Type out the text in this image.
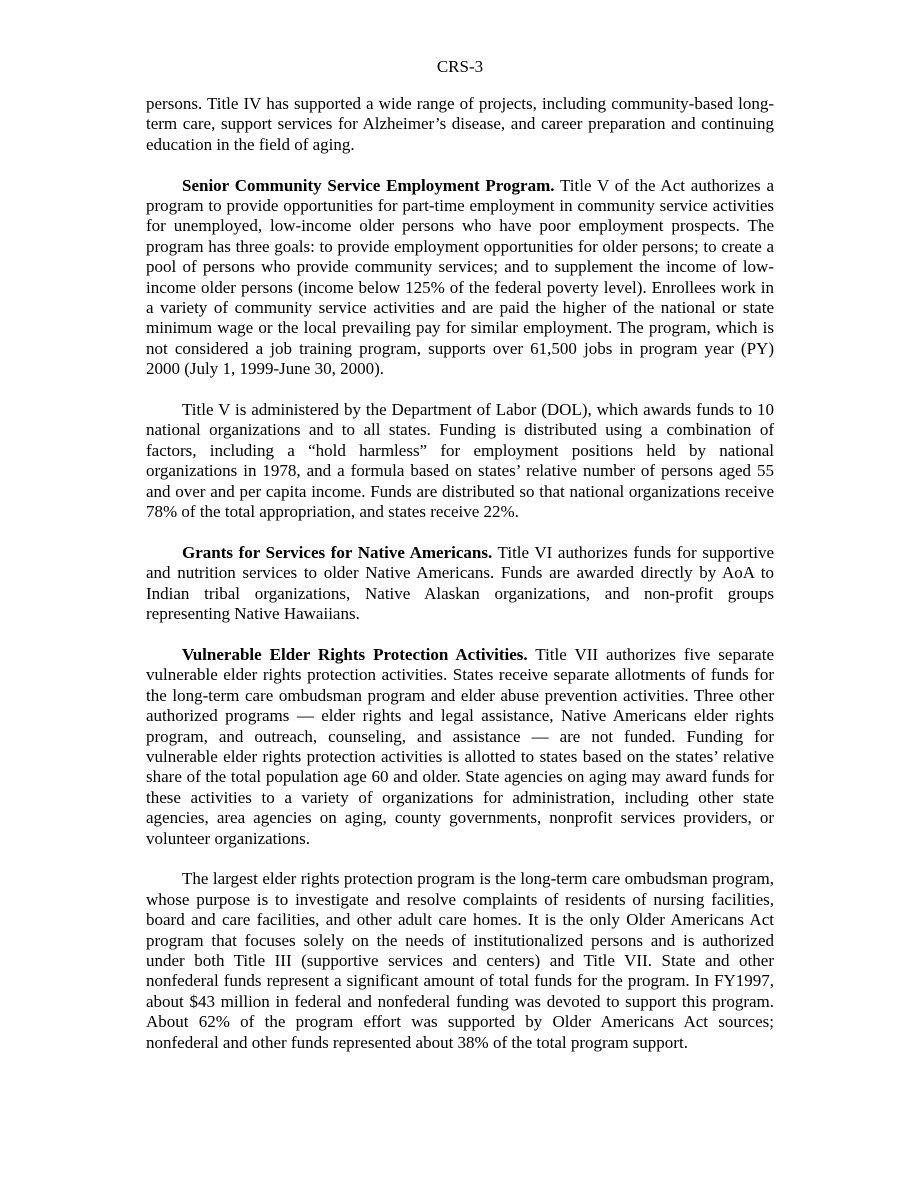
CRS-3

persons. Title IV has supported a wide range of projects, including community-based long-term care, support services for Alzheimer’s disease, and career preparation and continuing education in the field of aging.

Senior Community Service Employment Program. Title V of the Act authorizes a program to provide opportunities for part-time employment in community service activities for unemployed, low-income older persons who have poor employment prospects. The program has three goals: to provide employment opportunities for older persons; to create a pool of persons who provide community services; and to supplement the income of low-income older persons (income below 125% of the federal poverty level). Enrollees work in a variety of community service activities and are paid the higher of the national or state minimum wage or the local prevailing pay for similar employment. The program, which is not considered a job training program, supports over 61,500 jobs in program year (PY) 2000 (July 1, 1999-June 30, 2000).

Title V is administered by the Department of Labor (DOL), which awards funds to 10 national organizations and to all states. Funding is distributed using a combination of factors, including a “hold harmless” for employment positions held by national organizations in 1978, and a formula based on states’ relative number of persons aged 55 and over and per capita income. Funds are distributed so that national organizations receive 78% of the total appropriation, and states receive 22%.

Grants for Services for Native Americans. Title VI authorizes funds for supportive and nutrition services to older Native Americans. Funds are awarded directly by AoA to Indian tribal organizations, Native Alaskan organizations, and non-profit groups representing Native Hawaiians.

Vulnerable Elder Rights Protection Activities. Title VII authorizes five separate vulnerable elder rights protection activities. States receive separate allotments of funds for the long-term care ombudsman program and elder abuse prevention activities. Three other authorized programs — elder rights and legal assistance, Native Americans elder rights program, and outreach, counseling, and assistance — are not funded. Funding for vulnerable elder rights protection activities is allotted to states based on the states’ relative share of the total population age 60 and older. State agencies on aging may award funds for these activities to a variety of organizations for administration, including other state agencies, area agencies on aging, county governments, nonprofit services providers, or volunteer organizations.

The largest elder rights protection program is the long-term care ombudsman program, whose purpose is to investigate and resolve complaints of residents of nursing facilities, board and care facilities, and other adult care homes. It is the only Older Americans Act program that focuses solely on the needs of institutionalized persons and is authorized under both Title III (supportive services and centers) and Title VII. State and other nonfederal funds represent a significant amount of total funds for the program. In FY1997, about $43 million in federal and nonfederal funding was devoted to support this program. About 62% of the program effort was supported by Older Americans Act sources; nonfederal and other funds represented about 38% of the total program support.
